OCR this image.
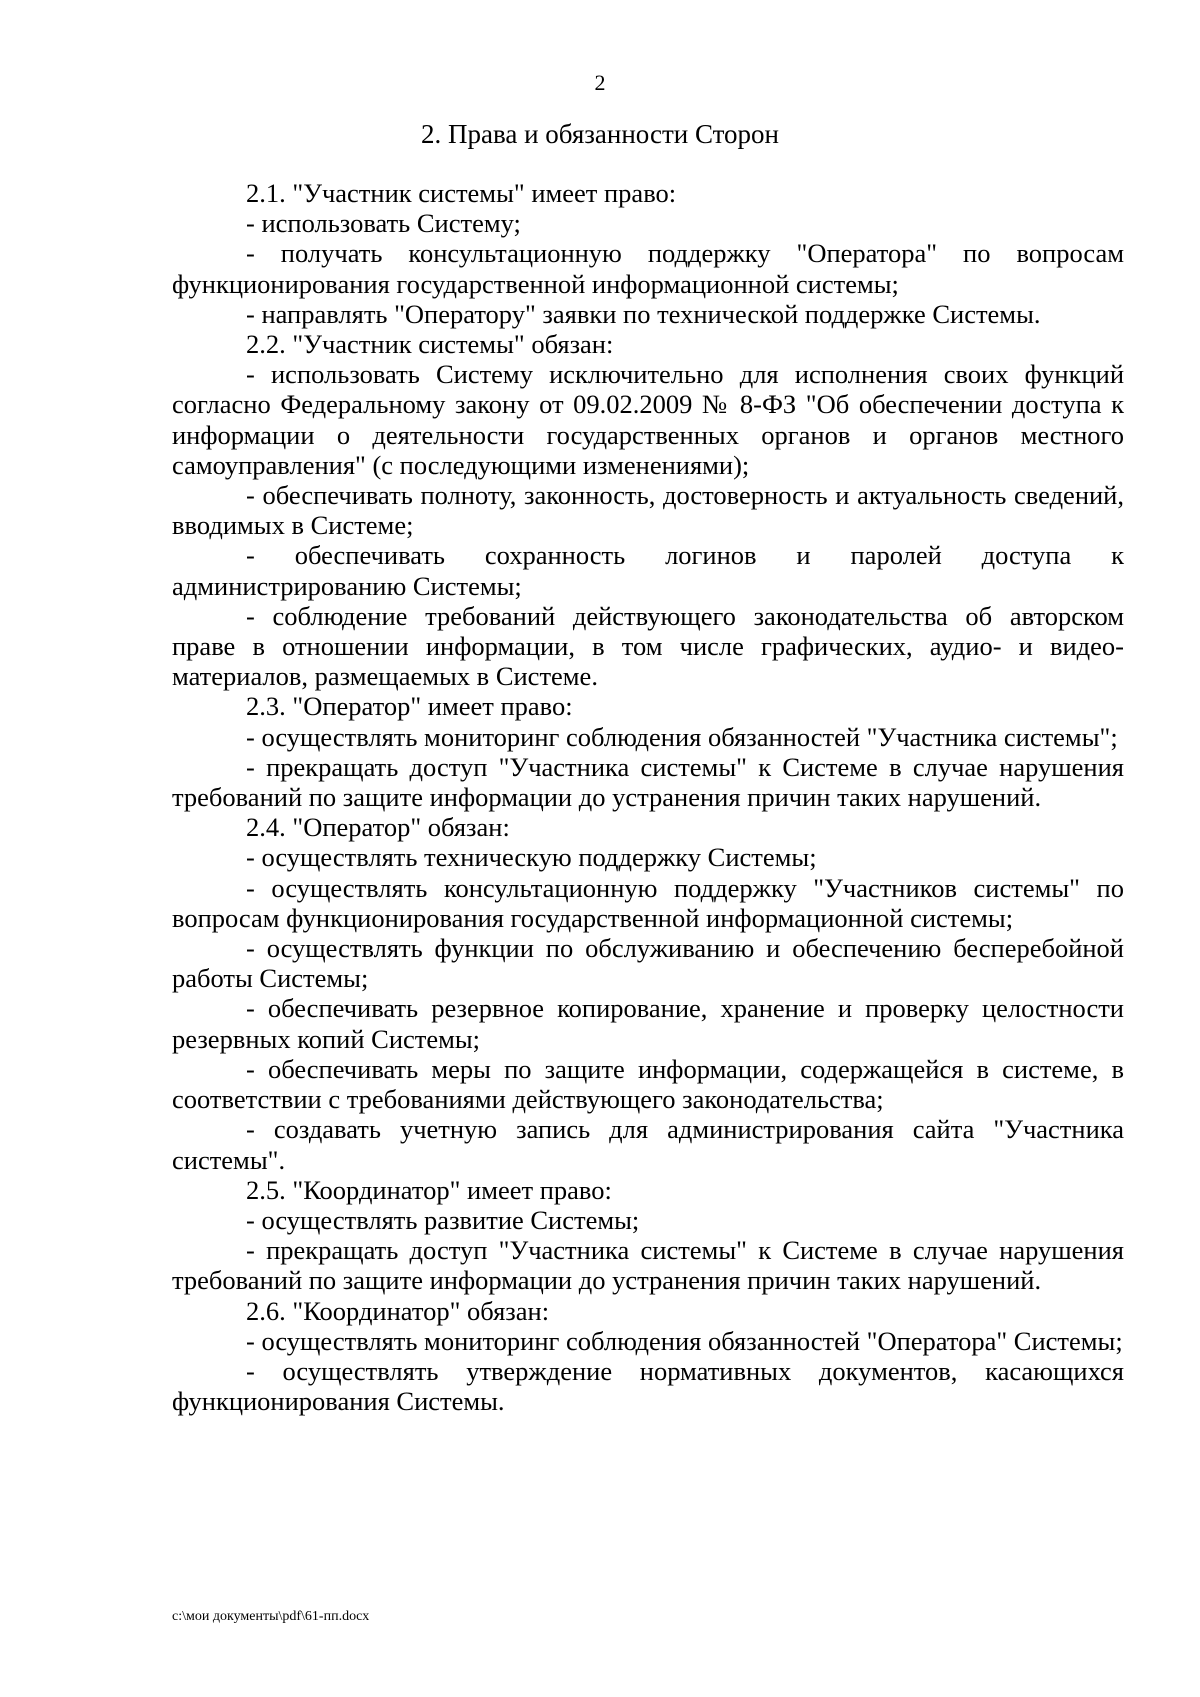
2
2. Права и обязанности Сторон

2.1. "Участник системы" имеет право:

- использовать Систему;

- получать консультационную поддержку "Оператора" по вопросам функционирования государственной информационной системы;

- направлять "Оператору" заявки по технической поддержке Системы.

2.2. "Участник системы" обязан:

- использовать Систему исключительно для исполнения своих функций согласно Федеральному закону от 09.02.2009 № 8-ФЗ "Об обеспечении доступа к информации о деятельности государственных органов и органов местного самоуправления" (с последующими изменениями);

- обеспечивать полноту, законность, достоверность и актуальность сведений, вводимых в Системе;

- обеспечивать сохранность логинов и паролей доступа к администрированию Системы;

- соблюдение требований действующего законодательства об авторском праве в отношении информации, в том числе графических, аудио- и видео-материалов, размещаемых в Системе.

2.3. "Оператор" имеет право:

- осуществлять мониторинг соблюдения обязанностей "Участника системы";

- прекращать доступ "Участника системы" к Системе в случае нарушения требований по защите информации до устранения причин таких нарушений.

2.4. "Оператор" обязан:

- осуществлять техническую поддержку Системы;

- осуществлять консультационную поддержку "Участников системы" по вопросам функционирования государственной информационной системы;

- осуществлять функции по обслуживанию и обеспечению бесперебойной работы Системы;

- обеспечивать резервное копирование, хранение и проверку целостности резервных копий Системы;

- обеспечивать меры по защите информации, содержащейся в системе, в соответствии с требованиями действующего законодательства;

- создавать учетную запись для администрирования сайта "Участника системы".

2.5. "Координатор" имеет право:

- осуществлять развитие Системы;

- прекращать доступ "Участника системы" к Системе в случае нарушения требований по защите информации до устранения причин таких нарушений.

2.6. "Координатор" обязан:

- осуществлять мониторинг соблюдения обязанностей "Оператора" Системы;

- осуществлять утверждение нормативных документов, касающихся функционирования Системы.

c:\мои документы\pdf\61-пп.docx
